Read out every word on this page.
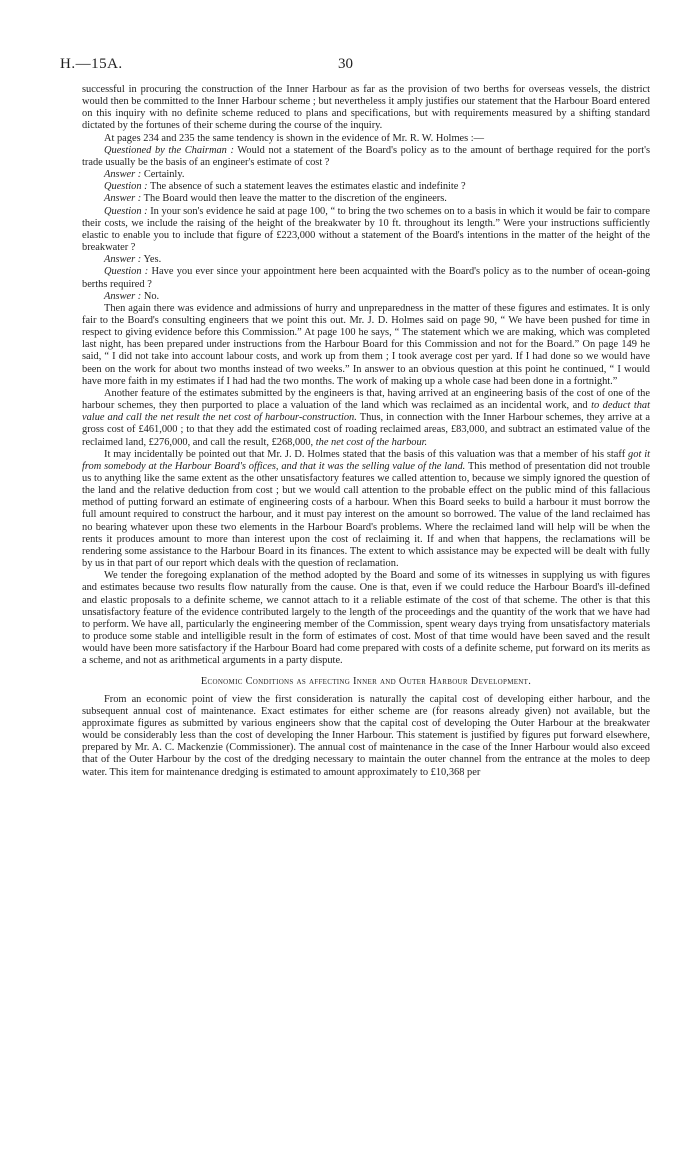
H.—15A.	30

successful in procuring the construction of the Inner Harbour as far as the provision of two berths for overseas vessels, the district would then be committed to the Inner Harbour scheme ; but nevertheless it amply justifies our statement that the Harbour Board entered on this inquiry with no definite scheme reduced to plans and specifications, but with requirements measured by a shifting standard dictated by the fortunes of their scheme during the course of the inquiry.

At pages 234 and 235 the same tendency is shown in the evidence of Mr. R. W. Holmes :—

Questioned by the Chairman : Would not a statement of the Board's policy as to the amount of berthage required for the port's trade usually be the basis of an engineer's estimate of cost ?

Answer : Certainly.

Question : The absence of such a statement leaves the estimates elastic and indefinite ?

Answer : The Board would then leave the matter to the discretion of the engineers.

Question : In your son's evidence he said at page 100, “ to bring the two schemes on to a basis in which it would be fair to compare their costs, we include the raising of the height of the breakwater by 10 ft. throughout its length.” Were your instructions sufficiently elastic to enable you to include that figure of £223,000 without a statement of the Board's intentions in the matter of the height of the breakwater ?

Answer : Yes.

Question : Have you ever since your appointment here been acquainted with the Board's policy as to the number of ocean-going berths required ?

Answer : No.

Then again there was evidence and admissions of hurry and unpreparedness in the matter of these figures and estimates. It is only fair to the Board's consulting engineers that we point this out. Mr. J. D. Holmes said on page 90, “ We have been pushed for time in respect to giving evidence before this Commission.” At page 100 he says, “ The statement which we are making, which was completed last night, has been prepared under instructions from the Harbour Board for this Commission and not for the Board.” On page 149 he said, “ I did not take into account labour costs, and work up from them ; I took average cost per yard. If I had done so we would have been on the work for about two months instead of two weeks.” In answer to an obvious question at this point he continued, “ I would have more faith in my estimates if I had had the two months. The work of making up a whole case had been done in a fortnight.”

Another feature of the estimates submitted by the engineers is that, having arrived at an engineering basis of the cost of one of the harbour schemes, they then purported to place a valuation of the land which was reclaimed as an incidental work, and to deduct that value and call the net result the net cost of harbour-construction. Thus, in connection with the Inner Harbour schemes, they arrive at a gross cost of £461,000 ; to that they add the estimated cost of roading reclaimed areas, £83,000, and subtract an estimated value of the reclaimed land, £276,000, and call the result, £268,000, the net cost of the harbour.

It may incidentally be pointed out that Mr. J. D. Holmes stated that the basis of this valuation was that a member of his staff got it from somebody at the Harbour Board's offices, and that it was the selling value of the land. This method of presentation did not trouble us to anything like the same extent as the other unsatisfactory features we called attention to, because we simply ignored the question of the land and the relative deduction from cost ; but we would call attention to the probable effect on the public mind of this fallacious method of putting forward an estimate of engineering costs of a harbour. When this Board seeks to build a harbour it must borrow the full amount required to construct the harbour, and it must pay interest on the amount so borrowed. The value of the land reclaimed has no bearing whatever upon these two elements in the Harbour Board's problems. Where the reclaimed land will help will be when the rents it produces amount to more than interest upon the cost of reclaiming it. If and when that happens, the reclamations will be rendering some assistance to the Harbour Board in its finances. The extent to which assistance may be expected will be dealt with fully by us in that part of our report which deals with the question of reclamation.

We tender the foregoing explanation of the method adopted by the Board and some of its witnesses in supplying us with figures and estimates because two results flow naturally from the cause. One is that, even if we could reduce the Harbour Board's ill-defined and elastic proposals to a definite scheme, we cannot attach to it a reliable estimate of the cost of that scheme. The other is that this unsatisfactory feature of the evidence contributed largely to the length of the proceedings and the quantity of the work that we have had to perform. We have all, particularly the engineering member of the Commission, spent weary days trying from unsatisfactory materials to produce some stable and intelligible result in the form of estimates of cost. Most of that time would have been saved and the result would have been more satisfactory if the Harbour Board had come prepared with costs of a definite scheme, put forward on its merits as a scheme, and not as arithmetical arguments in a party dispute.

Economic Conditions as affecting Inner and Outer Harbour Development.

From an economic point of view the first consideration is naturally the capital cost of developing either harbour, and the subsequent annual cost of maintenance. Exact estimates for either scheme are (for reasons already given) not available, but the approximate figures as submitted by various engineers show that the capital cost of developing the Outer Harbour at the breakwater would be considerably less than the cost of developing the Inner Harbour. This statement is justified by figures put forward elsewhere, prepared by Mr. A. C. Mackenzie (Commissioner). The annual cost of maintenance in the case of the Inner Harbour would also exceed that of the Outer Harbour by the cost of the dredging necessary to maintain the outer channel from the entrance at the moles to deep water. This item for maintenance dredging is estimated to amount approximately to £10,368 per
